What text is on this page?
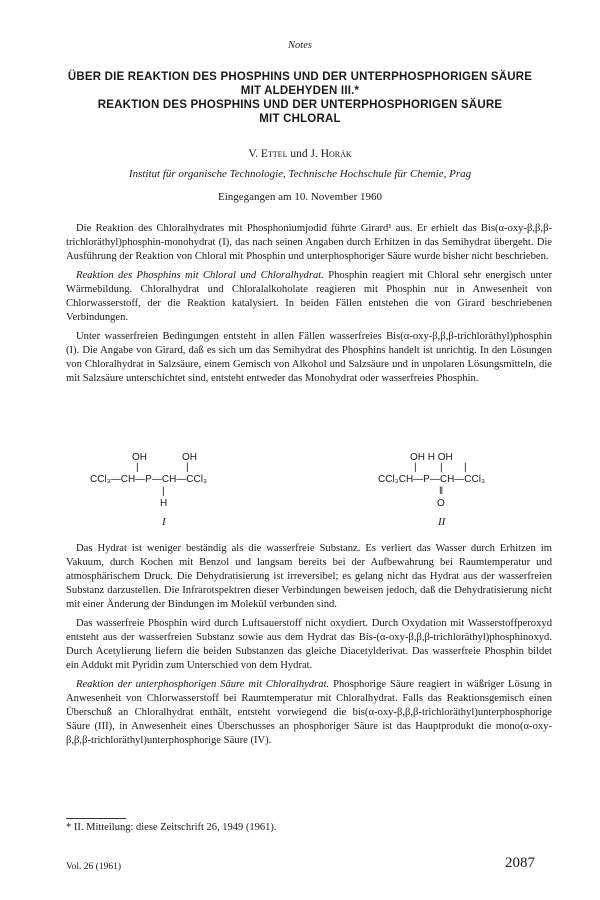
Notes
ÜBER DIE REAKTION DES PHOSPHINS UND DER UNTERPHOSPHORIGEN SÄURE
MIT ALDEHYDEN III.*
REAKTION DES PHOSPHINS UND DER UNTERPHOSPHORIGEN SÄURE
MIT CHLORAL
V. Ettel und J. Horák
Institut für organische Technologie, Technische Hochschule für Chemie, Prag
Eingegangen am 10. November 1960

Die Reaktion des Chloralhydrates mit Phosphoniumjodid führte Girard¹ aus. Er erhielt das Bis(α-oxy-β,β,β-trichloräthyl)phosphin-monohydrat (I), das nach seinen Angaben durch Erhitzen in das Semihydrat übergeht. Die Ausführung der Reaktion von Chloral mit Phosphin und unterphosphoriger Säure wurde bisher nicht beschrieben.

Reaktion des Phosphins mit Chloral und Chloralhydrat. Phosphin reagiert mit Chloral sehr energisch unter Wärmebildung. Chloralhydrat und Chloralalkoholate reagieren mit Phosphin nur in Anwesenheit von Chlorwasserstoff, der die Reaktion katalysiert. In beiden Fällen entstehen die von Girard beschriebenen Verbindungen.

Unter wasserfreien Bedingungen entsteht in allen Fällen wasserfreies Bis(α-oxy-β,β,β-trichloräthyl)phosphin (I). Die Angabe von Girard, daß es sich um das Semihydrat des Phosphins handelt ist unrichtig. In den Lösungen von Chloralhydrat in Salzsäure, einem Gemisch von Alkohol und Salzsäure und in unpolaren Lösungsmitteln, die mit Salzsäure unterschichtet sind, entsteht entweder das Monohydrat oder wasserfreies Phosphin.

OH	OH
|	|
CCl₃—CH—P—CH—CCl₃
|
H
I
OH H OH
| | |
CCl₃CH—P—CH—CCl₃
‖
O
II

Das Hydrat ist weniger beständig als die wasserfreie Substanz. Es verliert das Wasser durch Erhitzen im Vakuum, durch Kochen mit Benzol und langsam bereits bei der Aufbewahrung bei Raumtemperatur und atmosphärischem Druck. Die Dehydratisierung ist irreversibel; es gelang nicht das Hydrat aus der wasserfreien Substanz darzustellen. Die Infrarotspektren dieser Verbindungen beweisen jedoch, daß die Dehydratisierung nicht mit einer Änderung der Bindungen im Molekül verbunden sind.

Das wasserfreie Phosphin wird durch Luftsauerstoff nicht oxydiert. Durch Oxydation mit Wasserstoffperoxyd entsteht aus der wasserfreien Substanz sowie aus dem Hydrat das Bis-(α-oxy-β,β,β-trichloräthyl)phosphinoxyd. Durch Acetylierung liefern die beiden Substanzen das gleiche Diacetylderivat. Das wasserfreie Phosphin bildet ein Addukt mit Pyridin zum Unterschied von dem Hydrat.

Reaktion der unterphosphorigen Säure mit Chloralhydrat. Phosphorige Säure reagiert in wäßriger Lösung in Anwesenheit von Chlorwasserstoff bei Raumtemperatur mit Chloralhydrat. Falls das Reaktionsgemisch einen Überschuß an Chloralhydrat enthält, entsteht vorwiegend die bis(α-oxy-β,β,β-trichloräthyl)unterphosphorige Säure (III), in Anwesenheit eines Überschusses an phosphoriger Säure ist das Hauptprodukt die mono(α-oxy-β,β,β-trichloräthyl)unterphosphorige Säure (IV).

* II. Mitteilung: diese Zeitschrift 26, 1949 (1961).
Vol. 26 (1961)	2087
